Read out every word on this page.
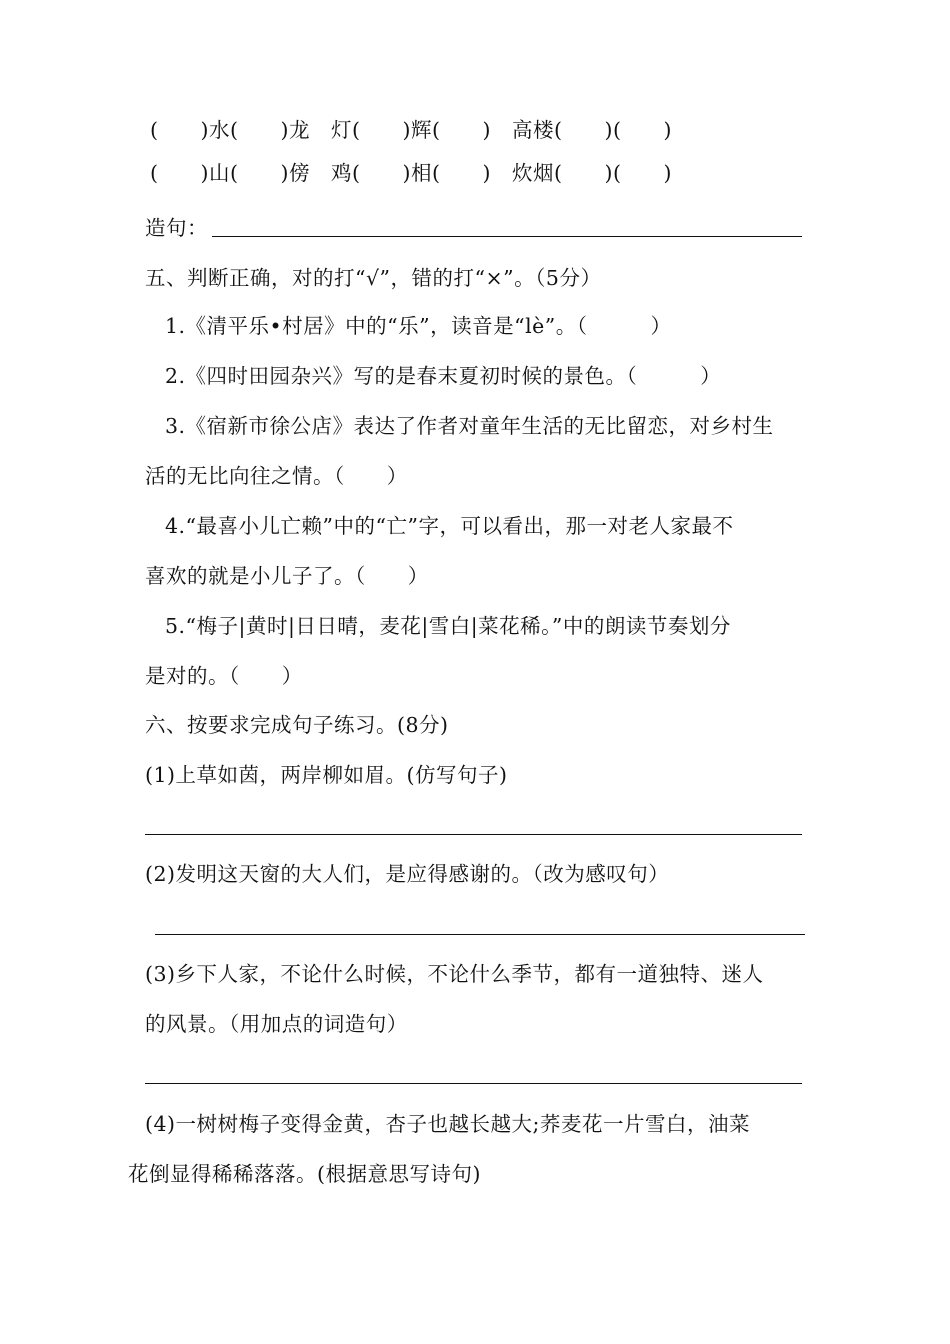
(　　)水(　　)龙　灯(　　)辉(　　)　高楼(　　)(　　)
(　　)山(　　)傍　鸡(　　)相(　　)　炊烟(　　)(　　)
造句：
五、判断正确，对的打“√”，错的打“×”。（5分）
1.《清平乐•村居》中的“乐”，读音是“lè”。（　　　）
2.《四时田园杂兴》写的是春末夏初时候的景色。（　　　）
3.《宿新市徐公店》表达了作者对童年生活的无比留恋，对乡村生
活的无比向往之情。（　　）
4.“最喜小儿亡赖”中的“亡”字，可以看出，那一对老人家最不
喜欢的就是小儿子了。（　　）
5.“梅子|黄时|日日晴，麦花|雪白|菜花稀。”中的朗读节奏划分
是对的。（　　）
六、按要求完成句子练习。(8分)
(1)上草如茵，两岸柳如眉。(仿写句子)
(2)发明这天窗的大人们，是应得感谢的。（改为感叹句）
(3)乡下人家，不论什么时候，不论什么季节，都有一道独特、迷人
的风景。（用加点的词造句）
(4)一树树梅子变得金黄，杏子也越长越大;荞麦花一片雪白，油菜
花倒显得稀稀落落。(根据意思写诗句)
